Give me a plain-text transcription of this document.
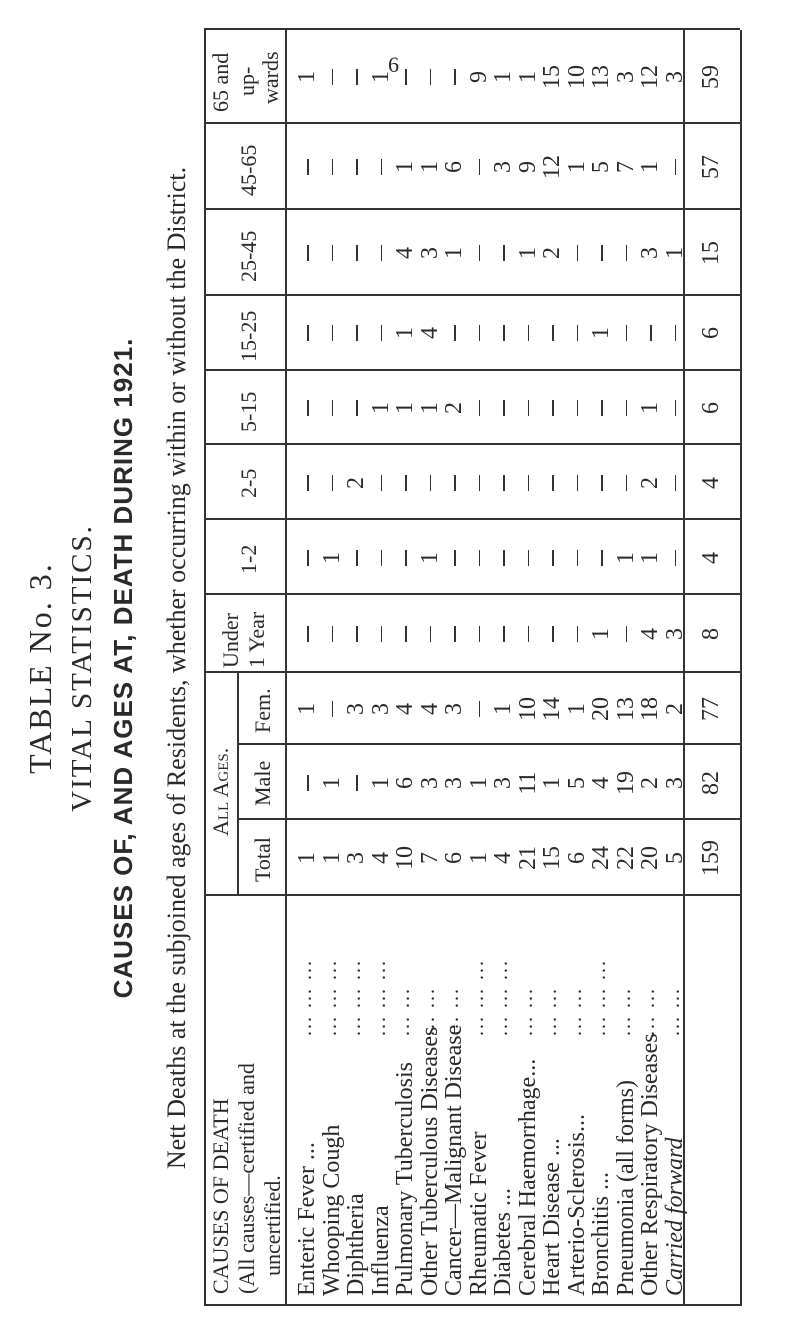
6
TABLE No. 3. VITAL STATISTICS. CAUSES OF, AND AGES AT, DEATH DURING 1921. Nett Deaths at the subjoined ages of Residents, whether occurring within or without the District.
CAUSES OF DEATH (All causes—certified and uncertified.
All Ages.
Total
Male
Fem.
Under 1 Year
1-2
2-5
5-15
15-25
25-45
45-65
65 and up- wards
Enteric Fever ...
... ... ...
1
1
1
Whooping Cough
... ... ...
1
1
1
Diphtheria
... ... ...
3
3
2
Influenza
... ... ...
4
1
3
1
1
Pulmonary Tuberculosis
... ...
10
6
4
1
1
4
1
Other Tuberculous Diseases
... ...
7
3
4
1
1
4
3
1
Cancer—Malignant Disease
... ...
6
3
3
2
1
6
Rheumatic Fever
... ... ...
1
1
9
Diabetes ...
... ... ...
4
3
1
3
1
Cerebral Haemorrhage...
... ...
21
11
10
1
9
1
Heart Disease ...
... ...
15
1
14
2
12
15
Arterio-Sclerosis...
... ...
6
5
1
1
10
Bronchitis ...
... ... ...
24
4
20
1
1
5
13
Pneumonia (all forms)
... ...
22
19
13
1
7
3
Other Respiratory Diseases
... ...
20
2
18
4
1
2
1
3
1
12
Carried forward
... ...
5
3
2
3
1
3
159
82
77
8
4
4
6
6
15
57
59
